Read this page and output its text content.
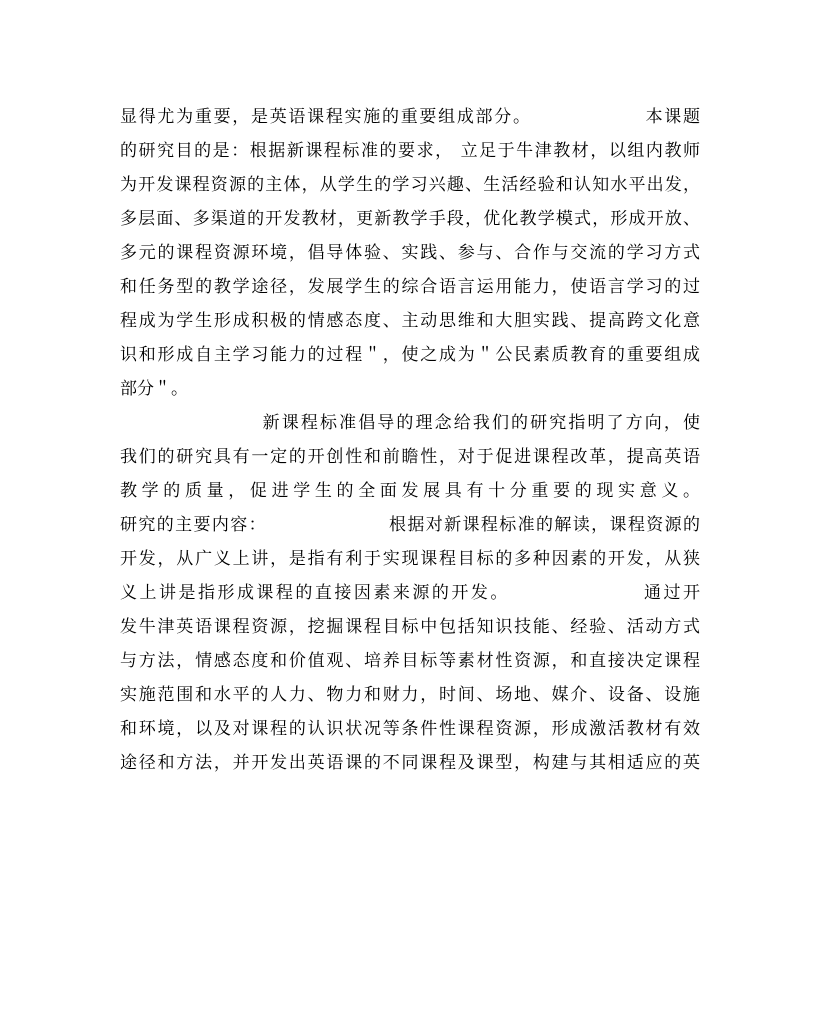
显得尤为重要，是英语课程实施的重要组成部分。                本课题
的研究目的是：根据新课程标准的要求， 立足于牛津教材，以组内教师
为开发课程资源的主体，从学生的学习兴趣、生活经验和认知水平出发，
多层面、多渠道的开发教材，更新教学手段，优化教学模式，形成开放、
多元的课程资源环境，倡导体验、实践、参与、合作与交流的学习方式
和任务型的教学途径，发展学生的综合语言运用能力，使语言学习的过
程成为学生形成积极的情感态度、主动思维和大胆实践、提高跨文化意
识和形成自主学习能力的过程＂，使之成为＂公民素质教育的重要组成
部分＂。
新课程标准倡导的理念给我们的研究指明了方向，使
我们的研究具有一定的开创性和前瞻性，对于促进课程改革，提高英语
教学的质量，促进学生的全面发展具有十分重要的现实意义。
研究的主要内容：                  根据对新课程标准的解读，课程资源的
开发，从广义上讲，是指有利于实现课程目标的多种因素的开发，从狭
义上讲是指形成课程的直接因素来源的开发。                 通过开
发牛津英语课程资源，挖掘课程目标中包括知识技能、经验、活动方式
与方法，情感态度和价值观、培养目标等素材性资源，和直接决定课程
实施范围和水平的人力、物力和财力，时间、场地、媒介、设备、设施
和环境，以及对课程的认识状况等条件性课程资源，形成激活教材有效
途径和方法，并开发出英语课的不同课程及课型，构建与其相适应的英
